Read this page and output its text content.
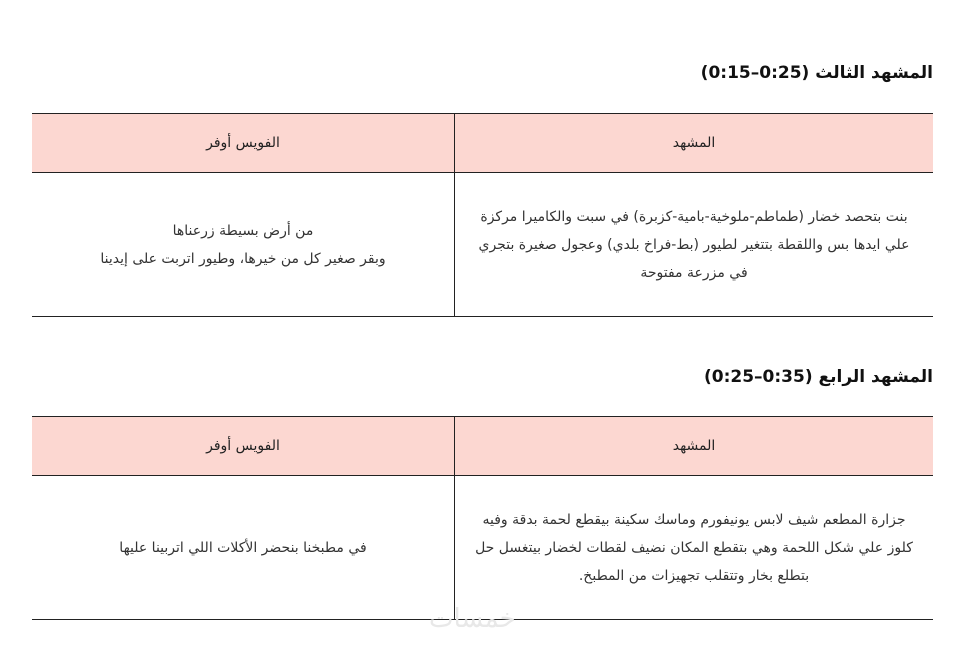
المشهد الثالث (0:25–0:15)
المشهد	الفويس أوفر
بنت بتحصد خضار (طماطم-ملوخية-بامية-كزبرة) في سبت والكاميرا مركزة علي ايدها بس واللقطة بتتغير لطيور (بط-فراخ بلدي) وعجول صغيرة بتجري في مزرعة مفتوحة	من أرض بسيطة زرعناها
وبقر صغير كل من خيرها، وطيور اتربت على إيدينا
المشهد الرابع (0:35–0:25)
المشهد	الفويس أوفر
جزارة المطعم شيف لابس يونيفورم وماسك سكينة بيقطع لحمة بدقة وفيه كلوز علي شكل اللحمة وهي بتقطع المكان نضيف لقطات لخضار بيتغسل حل بتطلع بخار وتتقلب تجهيزات من المطبخ.	في مطبخنا بنحضر الأكلات اللي اتربينا عليها
خمسات
